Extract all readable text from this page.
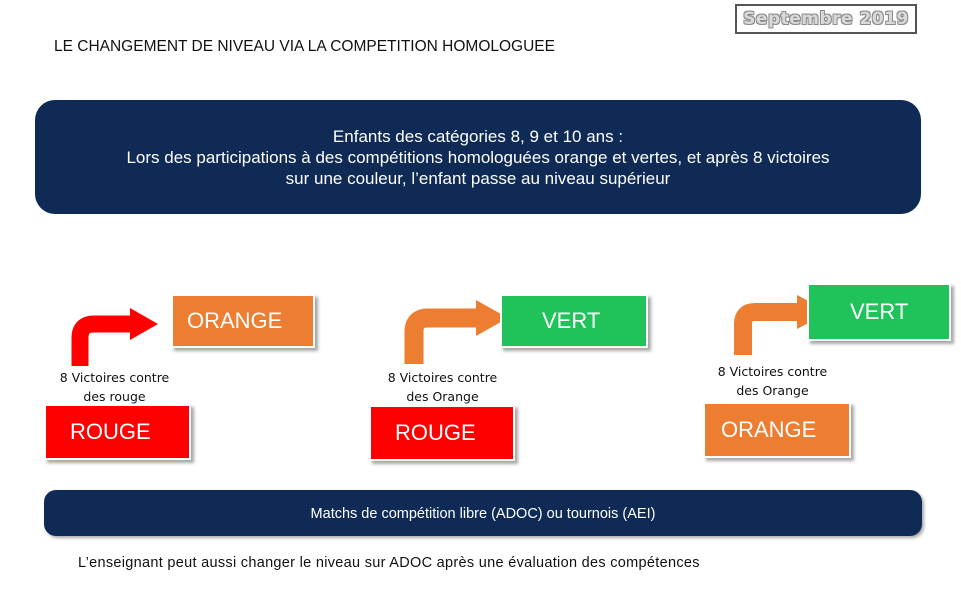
LE CHANGEMENT DE NIVEAU VIA LA COMPETITION HOMOLOGUEE
Septembre 2019
Enfants des catégories 8, 9 et 10 ans :
Lors des participations à des compétitions homologuées orange et vertes, et après 8 victoires
sur une couleur, l’enfant passe au niveau supérieur
ORANGE
8 Victoires contre
des rouge
ROUGE
VERT
8 Victoires contre
des Orange
ROUGE
VERT
8 Victoires contre
des Orange
ORANGE
Matchs de compétition libre (ADOC) ou tournois (AEI)
L’enseignant peut aussi changer le niveau sur ADOC après une évaluation des compétences
